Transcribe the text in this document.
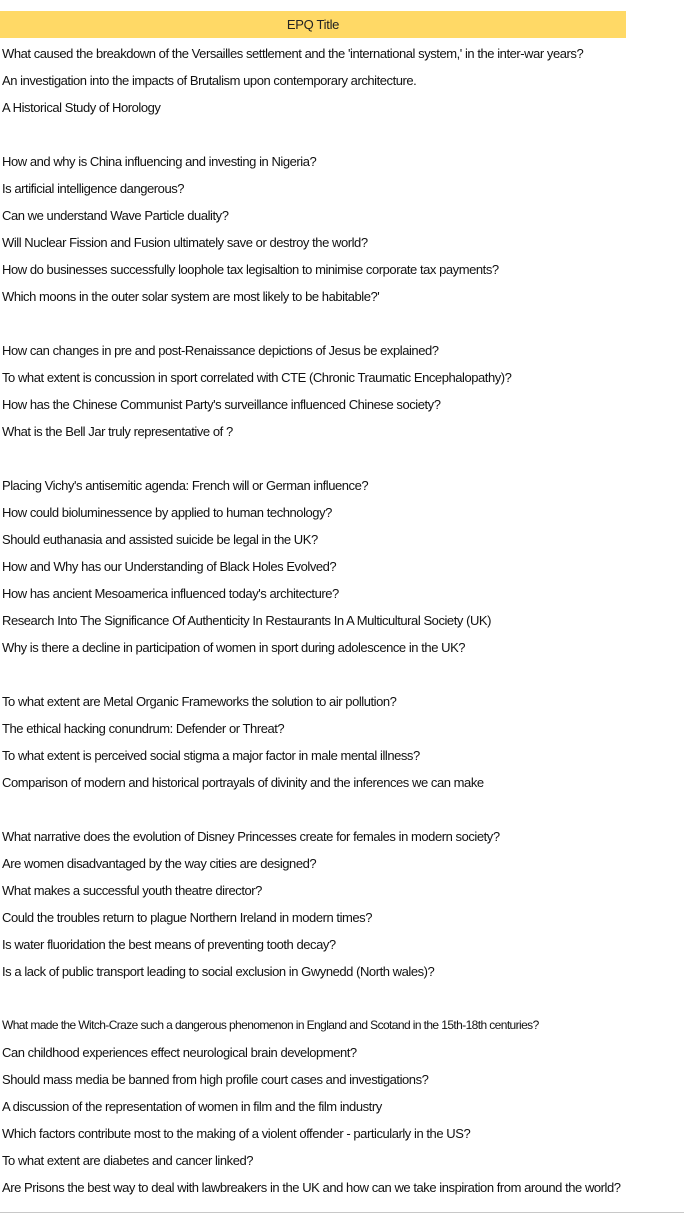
EPQ Title
What caused the breakdown of the Versailles settlement and the 'international system,' in the inter-war years?
An investigation into the impacts of Brutalism upon contemporary architecture.
A Historical Study of Horology
How and why is China influencing and investing in Nigeria?
Is artificial intelligence dangerous?
Can we understand Wave Particle duality?
Will Nuclear Fission and Fusion ultimately save or destroy the world?
How do businesses successfully loophole tax legisaltion to minimise corporate tax payments?
Which moons in the outer solar system are most likely to be habitable?'
How can changes in pre and post-Renaissance depictions of Jesus be explained?
To what extent is concussion in sport correlated with CTE (Chronic Traumatic Encephalopathy)?
How has the Chinese Communist Party's surveillance influenced Chinese society?
What is the Bell Jar truly representative of ?
Placing Vichy's antisemitic agenda: French will or German influence?
How could bioluminessence by applied to human technology?
Should euthanasia and assisted suicide be legal in the UK?
How and Why has our Understanding of Black Holes Evolved?
How has ancient Mesoamerica influenced today's architecture?
Research Into The Significance Of Authenticity In Restaurants In A Multicultural Society (UK)
Why is there a decline in participation of women in sport during adolescence in the UK?
To what extent are Metal Organic Frameworks the solution to air pollution?
The ethical hacking conundrum: Defender or Threat?
To what extent is perceived social stigma a major factor in male mental illness?
Comparison of modern and historical portrayals of divinity and the inferences we can make
What narrative does the evolution of Disney Princesses create for females in modern society?
Are women disadvantaged by the way cities are designed?
What makes a successful youth theatre director?
Could the troubles return to plague Northern Ireland in modern times?
Is water fluoridation the best means of preventing tooth decay?
Is a lack of public transport leading to social exclusion in Gwynedd (North wales)?
What made the Witch-Craze such a dangerous phenomenon in England and Scotand in the 15th-18th centuries?
Can childhood experiences effect neurological brain development?
Should mass media be banned from high profile court cases and investigations?
A discussion of the representation of women in film and the film industry
Which factors contribute most to the making of a violent offender - particularly in the US?
To what extent are diabetes and cancer linked?
Are Prisons the best way to deal with lawbreakers in the UK and how can we take inspiration from around the world?
